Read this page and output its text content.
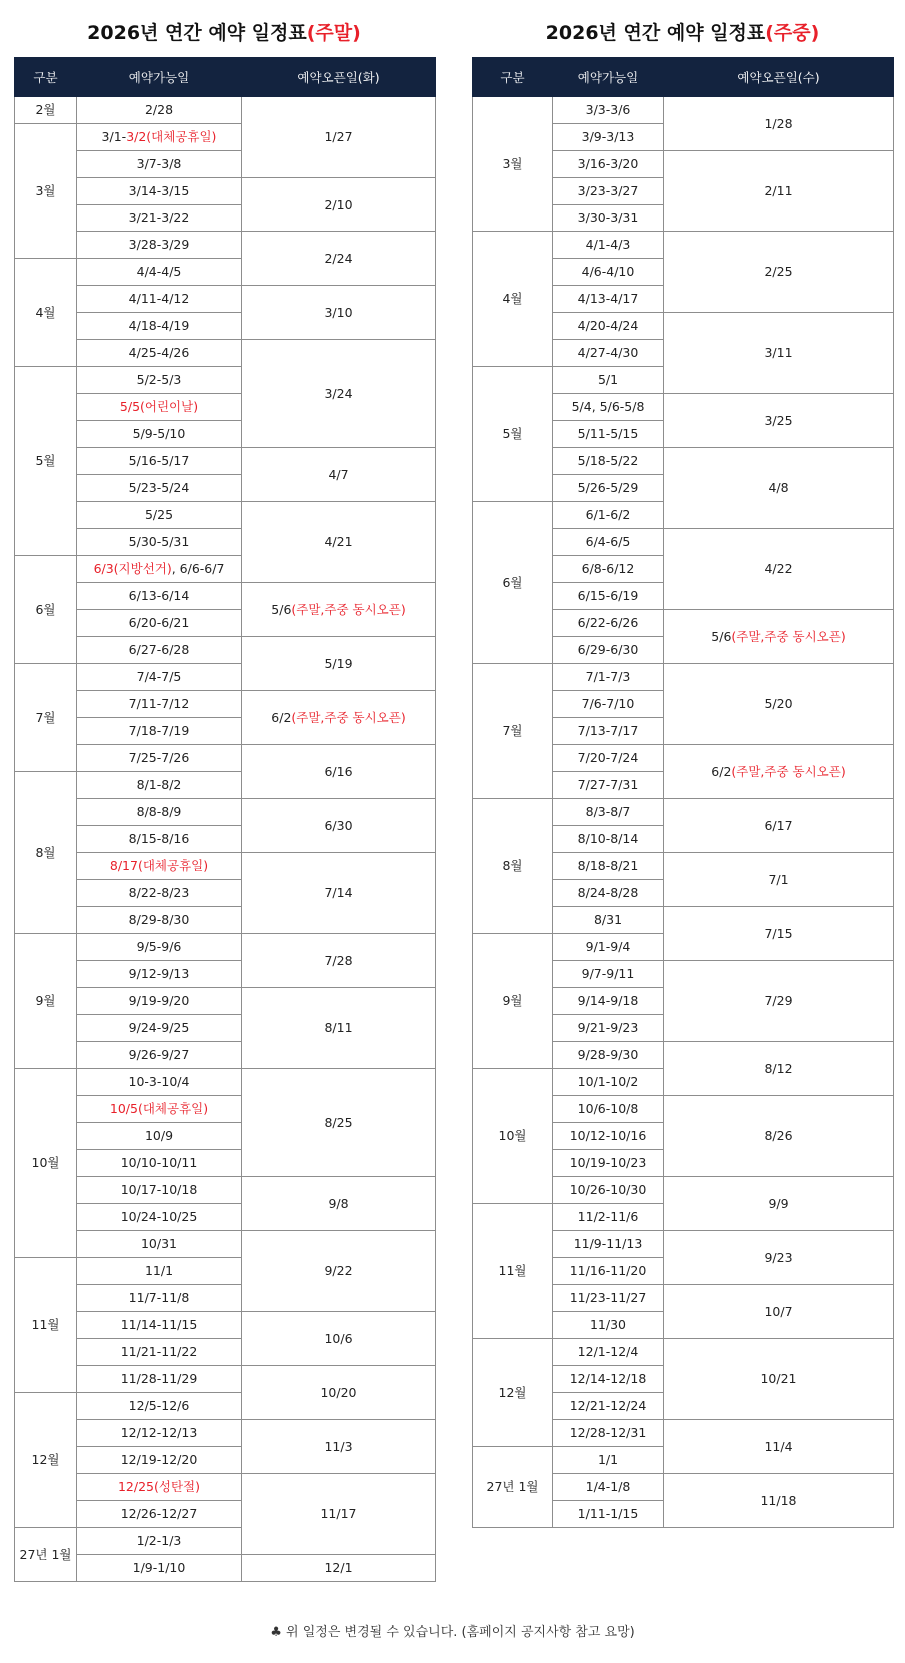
2026년 연간 예약 일정표(주말)	2026년 연간 예약 일정표(주중)
구분	예약가능일	예약오픈일(화)
2월	2/28	1/27
3월	3/1-3/2(대체공휴일)	
	3/7-3/8	
	3/14-3/15	2/10
	3/21-3/22	
	3/28-3/29	2/24
4월	4/4-4/5	
	4/11-4/12	3/10
	4/18-4/19	
	4/25-4/26	3/24
5월	5/2-5/3	
	5/5(어린이날)	
	5/9-5/10	
	5/16-5/17	4/7
	5/23-5/24	
	5/25	4/21
	5/30-5/31	
6월	6/3(지방선거), 6/6-6/7	
	6/13-6/14	5/6(주말,주중 동시오픈)
	6/20-6/21	
	6/27-6/28	5/19
7월	7/4-7/5	
	7/11-7/12	6/2(주말,주중 동시오픈)
	7/18-7/19	
	7/25-7/26	6/16
8월	8/1-8/2	
	8/8-8/9	6/30
	8/15-8/16	
	8/17(대체공휴일)	7/14
	8/22-8/23	
	8/29-8/30	
9월	9/5-9/6	7/28
	9/12-9/13	
	9/19-9/20	8/11
	9/24-9/25	
	9/26-9/27	
10월	10-3-10/4	8/25
	10/5(대체공휴일)	
	10/9	
	10/10-10/11	
	10/17-10/18	9/8
	10/24-10/25	
	10/31	9/22
11월	11/1	
	11/7-11/8	
	11/14-11/15	10/6
	11/21-11/22	
	11/28-11/29	10/20
12월	12/5-12/6	
	12/12-12/13	11/3
	12/19-12/20	
	12/25(성탄절)	11/17
	12/26-12/27	
27년 1월	1/2-1/3	
	1/9-1/10	12/1
구분	예약가능일	예약오픈일(수)
3월	3/3-3/6	1/28
	3/9-3/13	
	3/16-3/20	2/11
	3/23-3/27	
	3/30-3/31	
4월	4/1-4/3	2/25
	4/6-4/10	
	4/13-4/17	
	4/20-4/24	3/11
	4/27-4/30	
5월	5/1	
	5/4, 5/6-5/8	3/25
	5/11-5/15	
	5/18-5/22	4/8
	5/26-5/29	
6월	6/1-6/2	
	6/4-6/5	4/22
	6/8-6/12	
	6/15-6/19	
	6/22-6/26	5/6(주말,주중 동시오픈)
	6/29-6/30	
7월	7/1-7/3	5/20
	7/6-7/10	
	7/13-7/17	
	7/20-7/24	6/2(주말,주중 동시오픈)
	7/27-7/31	
8월	8/3-8/7	6/17
	8/10-8/14	
	8/18-8/21	7/1
	8/24-8/28	
	8/31	7/15
9월	9/1-9/4	
	9/7-9/11	7/29
	9/14-9/18	
	9/21-9/23	
	9/28-9/30	8/12
10월	10/1-10/2	
	10/6-10/8	8/26
	10/12-10/16	
	10/19-10/23	
	10/26-10/30	9/9
11월	11/2-11/6	
	11/9-11/13	9/23
	11/16-11/20	
	11/23-11/27	10/7
	11/30	
12월	12/1-12/4	10/21
	12/14-12/18	
	12/21-12/24	
	12/28-12/31	11/4
27년 1월	1/1	
	1/4-1/8	11/18
	1/11-1/15	
♣ 위 일정은 변경될 수 있습니다. (홈페이지 공지사항 참고 요망)
